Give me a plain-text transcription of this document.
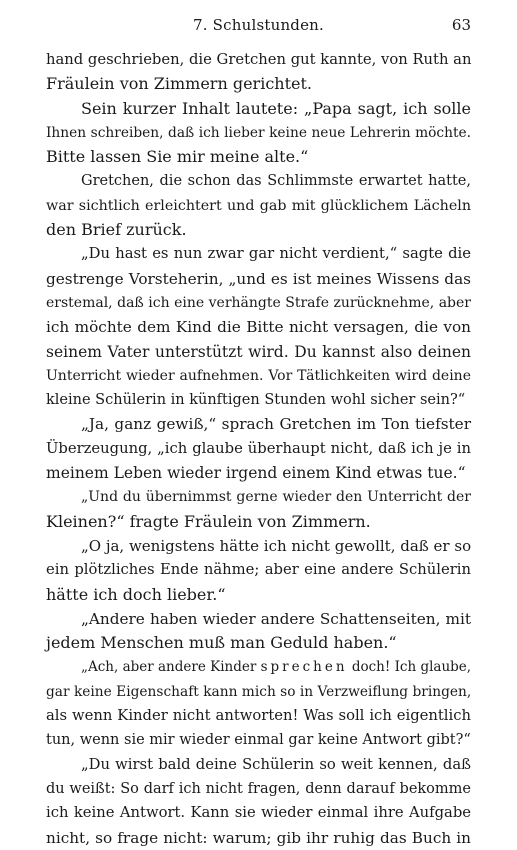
7. Schulstunden.	63
hand geschrieben, die Gretchen gut kannte, von Ruth an
Fräulein von Zimmern gerichtet.
Sein kurzer Inhalt lautete: „Papa sagt, ich solle
Ihnen schreiben, daß ich lieber keine neue Lehrerin möchte.
Bitte lassen Sie mir meine alte.“
Gretchen, die schon das Schlimmste erwartet hatte,
war sichtlich erleichtert und gab mit glücklichem Lächeln
den Brief zurück.
„Du hast es nun zwar gar nicht verdient,“ sagte die
gestrenge Vorsteherin, „und es ist meines Wissens das
erstemal, daß ich eine verhängte Strafe zurücknehme, aber
ich möchte dem Kind die Bitte nicht versagen, die von
seinem Vater unterstützt wird. Du kannst also deinen
Unterricht wieder aufnehmen. Vor Tätlichkeiten wird deine
kleine Schülerin in künftigen Stunden wohl sicher sein?“
„Ja, ganz gewiß,“ sprach Gretchen im Ton tiefster
Überzeugung, „ich glaube überhaupt nicht, daß ich je in
meinem Leben wieder irgend einem Kind etwas tue.“
„Und du übernimmst gerne wieder den Unterricht der
Kleinen?“ fragte Fräulein von Zimmern.
„O ja, wenigstens hätte ich nicht gewollt, daß er so
ein plötzliches Ende nähme; aber eine andere Schülerin
hätte ich doch lieber.“
„Andere haben wieder andere Schattenseiten, mit
jedem Menschen muß man Geduld haben.“
„Ach, aber andere Kinder sprechen doch! Ich glaube,
gar keine Eigenschaft kann mich so in Verzweiflung bringen,
als wenn Kinder nicht antworten! Was soll ich eigentlich
tun, wenn sie mir wieder einmal gar keine Antwort gibt?“
„Du wirst bald deine Schülerin so weit kennen, daß
du weißt: So darf ich nicht fragen, denn darauf bekomme
ich keine Antwort. Kann sie wieder einmal ihre Aufgabe
nicht, so frage nicht: warum; gib ihr ruhig das Buch in
